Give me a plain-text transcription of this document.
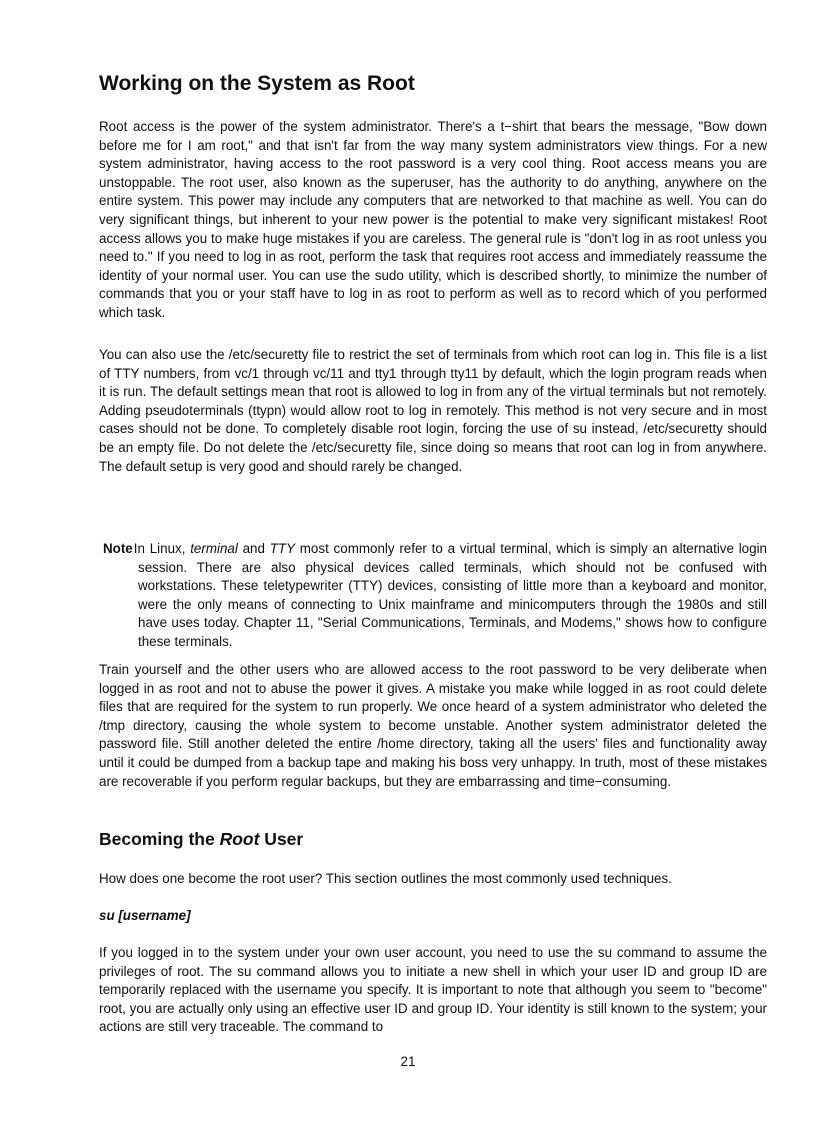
Working on the System as Root

Root access is the power of the system administrator. There's a t−shirt that bears the message, "Bow down before me for I am root," and that isn't far from the way many system administrators view things. For a new system administrator, having access to the root password is a very cool thing. Root access means you are unstoppable. The root user, also known as the superuser, has the authority to do anything, anywhere on the entire system. This power may include any computers that are networked to that machine as well. You can do very significant things, but inherent to your new power is the potential to make very significant mistakes! Root access allows you to make huge mistakes if you are careless. The general rule is "don't log in as root unless you need to." If you need to log in as root, perform the task that requires root access and immediately reassume the identity of your normal user. You can use the sudo utility, which is described shortly, to minimize the number of commands that you or your staff have to log in as root to perform as well as to record which of you performed which task.

You can also use the /etc/securetty file to restrict the set of terminals from which root can log in. This file is a list of TTY numbers, from vc/1 through vc/11 and tty1 through tty11 by default, which the login program reads when it is run. The default settings mean that root is allowed to log in from any of the virtual terminals but not remotely. Adding pseudoterminals (ttypn) would allow root to log in remotely. This method is not very secure and in most cases should not be done. To completely disable root login, forcing the use of su instead, /etc/securetty should be an empty file. Do not delete the /etc/securetty file, since doing so means that root can log in from anywhere. The default setup is very good and should rarely be changed.

NoteIn Linux, terminal and TTY most commonly refer to a virtual terminal, which is simply an alternative login session. There are also physical devices called terminals, which should not be confused with workstations. These teletypewriter (TTY) devices, consisting of little more than a keyboard and monitor, were the only means of connecting to Unix mainframe and minicomputers through the 1980s and still have uses today. Chapter 11, "Serial Communications, Terminals, and Modems," shows how to configure these terminals.

Train yourself and the other users who are allowed access to the root password to be very deliberate when logged in as root and not to abuse the power it gives. A mistake you make while logged in as root could delete files that are required for the system to run properly. We once heard of a system administrator who deleted the /tmp directory, causing the whole system to become unstable. Another system administrator deleted the password file. Still another deleted the entire /home directory, taking all the users' files and functionality away until it could be dumped from a backup tape and making his boss very unhappy. In truth, most of these mistakes are recoverable if you perform regular backups, but they are embarrassing and time−consuming.

Becoming the Root User

How does one become the root user? This section outlines the most commonly used techniques.

su [username]

If you logged in to the system under your own user account, you need to use the su command to assume the privileges of root. The su command allows you to initiate a new shell in which your user ID and group ID are temporarily replaced with the username you specify. It is important to note that although you seem to "become" root, you are actually only using an effective user ID and group ID. Your identity is still known to the system; your actions are still very traceable. The command to

21
